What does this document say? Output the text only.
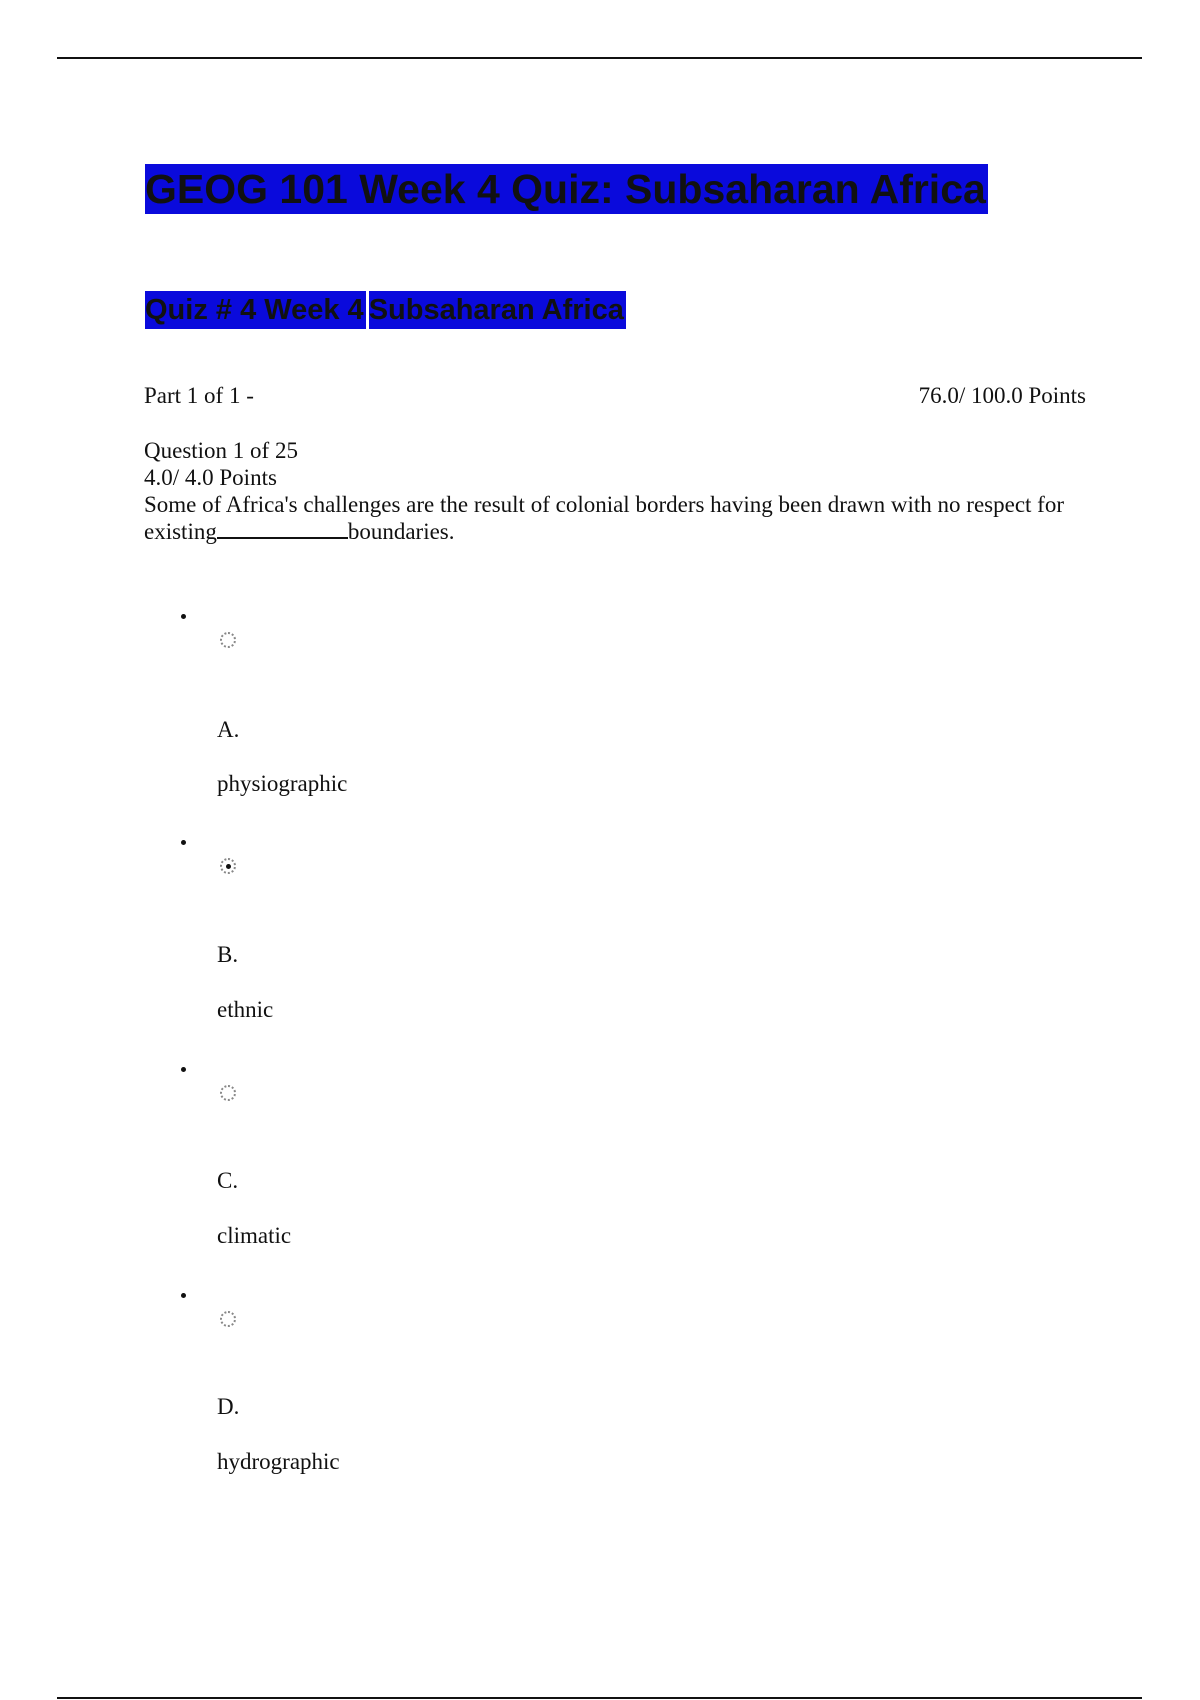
GEOG 101 Week 4 Quiz: Subsaharan Africa
Quiz # 4 Week 4 Subsaharan Africa
Part 1 of 1 -	76.0/ 100.0 Points
Question 1 of 25
4.0/ 4.0 Points
Some of Africa's challenges are the result of colonial borders having been drawn with no respect for existing	boundaries.
A.
physiographic
B.
ethnic
C.
climatic
D.
hydrographic
